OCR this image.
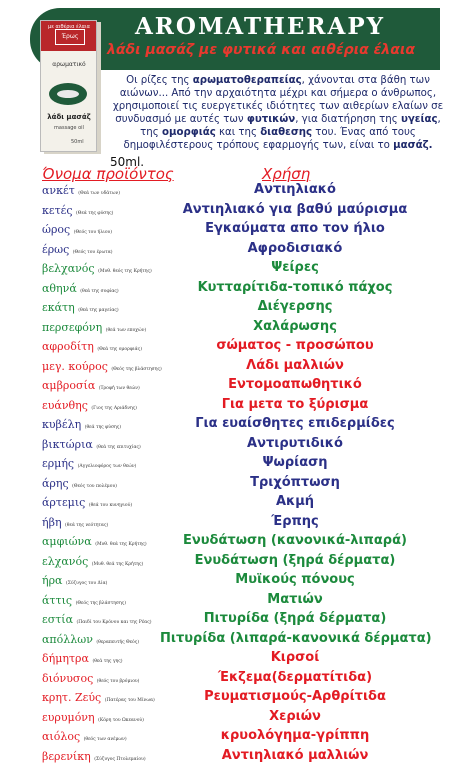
AROMATHERAPY
λάδι μασάζ με φυτικά και αιθέρια έλαια
με αιθέρια έλαια
Έρως
αρωματικό
λάδι μασάζ
massage oil
50ml
50ml.
Οι ρίζες της αρωματοθεραπείας, χάνονται στα βάθη των αιώνων... Από την αρχαιότητα μέχρι και σήμερα ο άνθρωπος, χρησιμοποιεί τις ευεργετικές ιδιότητες των αιθερίων ελαίων σε συνδυασμό με αυτές των φυτικών, για διατήρηση της υγείας, της ομορφιάς και της διαθεσης του. Ένας από τους δημοφιλέστερους τρόπους εφαρμογής των, είναι το μασάζ.
Όνομα προϊόντος	Χρήση
ανκέτ (Θεά των υδάτων)	Αντιηλιακό
κετές (Θεά της φύσης)	Αντιηλιακό για βαθύ μαύρισμα
ώρος (Θεός του ήλιου)	Εγκαύματα απο τον ήλιο
έρως (Θεός του έρωτα)	Αφροδισιακό
βελχανός (Μυθ. θεός της Κρήτης)	Ψείρες
αθηνά (θεά της σοφίας)	Κυτταρίτιδα-τοπικό πάχος
εκάτη (θεά της μαγείας)	Διέγερσης
περσεφόνη (θεά των εποχών)	Χαλάρωσης
αφροδίτη (Θεά της ομορφιάς)	σώματος - προσώπου
μεγ. κούρος (Θεός της βλάστησης)	Λάδι μαλλιών
αμβροσία (Τροφή των θεών)	Εντομοαπωθητικό
ευάνθης (Γιος της Αριάδνης)	Για μετα το ξύρισμα
κυβέλη (θεά της φύσης)	Για ευαίσθητες επιδερμίδες
βικτώρια (θεά της επιτυχίας)	Αντιρυτιδικό
ερμής (Αγγελιοφόρος των θεών)	Ψωρίαση
άρης (Θεός του πολέμου)	Τριχόπτωση
άρτεμις (θεά του κυνηγιού)	Ακμή
ήβη (θεά της νεότητας)	Έρπης
αμφιώνα (Μυθ. θεά της Κρήτης)	Ενυδάτωση (κανονικά-λιπαρά)
ελχανός (Μυθ. θεά της Κρήτης)	Ενυδάτωση (ξηρά δέρματα)
ήρα (Σύζυγος του Δία)	Μυϊκούς πόνους
άττις (Θεός της βλάστησης)	Ματιών
εστία (Παιδί του Κρόνου και της Ρέας)	Πιτυρίδα (ξηρά δέρματα)
απόλλων (θεραπευτής Θεός) Πιτυρίδα (λιπαρά-κανονικά δέρματα)
δήμητρα (θεά της γης)	Κιρσοί
διόνυσος (θεός του βρόμιου)	Έκζεμα(δερματίτιδα)
κρητ. Ζεύς (Πατέρας του Μίνωα)	Ρευματισμούς-Αρθρίτιδα
ευρυμόνη (Κόρη του Ωκεανού)	Χεριών
αιόλος (θεός των ανέμων)	κρυολόγημα-γρίππη
βερενίκη (Σύζυγος Πτολεμαίου)	Αντιηλιακό μαλλιών
